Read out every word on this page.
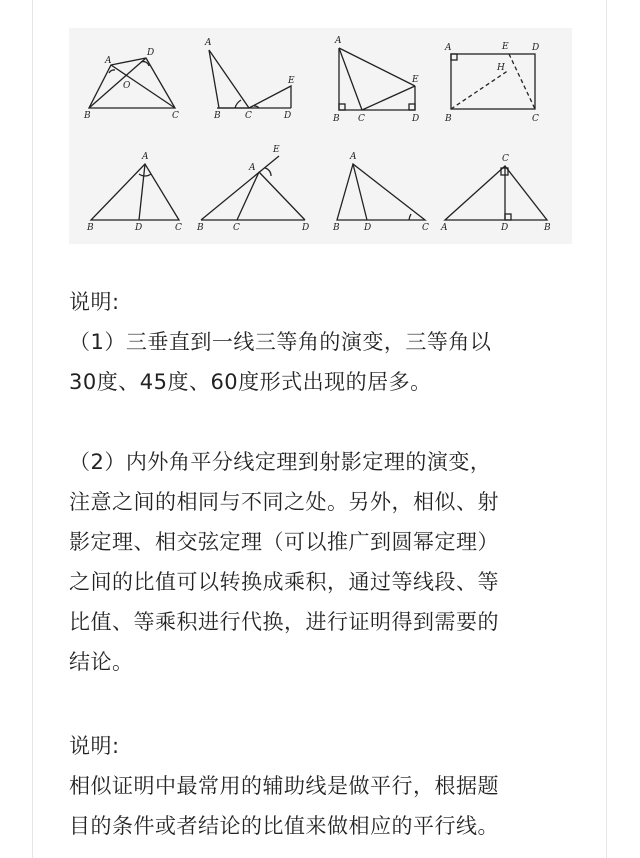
A
D
O
B	C
A
E
B	C	D
A
E
B C	D
A	E	D
H
B	C
A
B	D	C
E
A
B	C	D
A
B	D	C
C
A	D	B

说明:

（1）三垂直到一线三等角的演变，三等角以

30度、45度、60度形式出现的居多。

（2）内外角平分线定理到射影定理的演变，

注意之间的相同与不同之处。另外，相似、射

影定理、相交弦定理（可以推广到圆幂定理）

之间的比值可以转换成乘积，通过等线段、等

比值、等乘积进行代换，进行证明得到需要的

结论。

说明:

相似证明中最常用的辅助线是做平行，根据题

目的条件或者结论的比值来做相应的平行线。
